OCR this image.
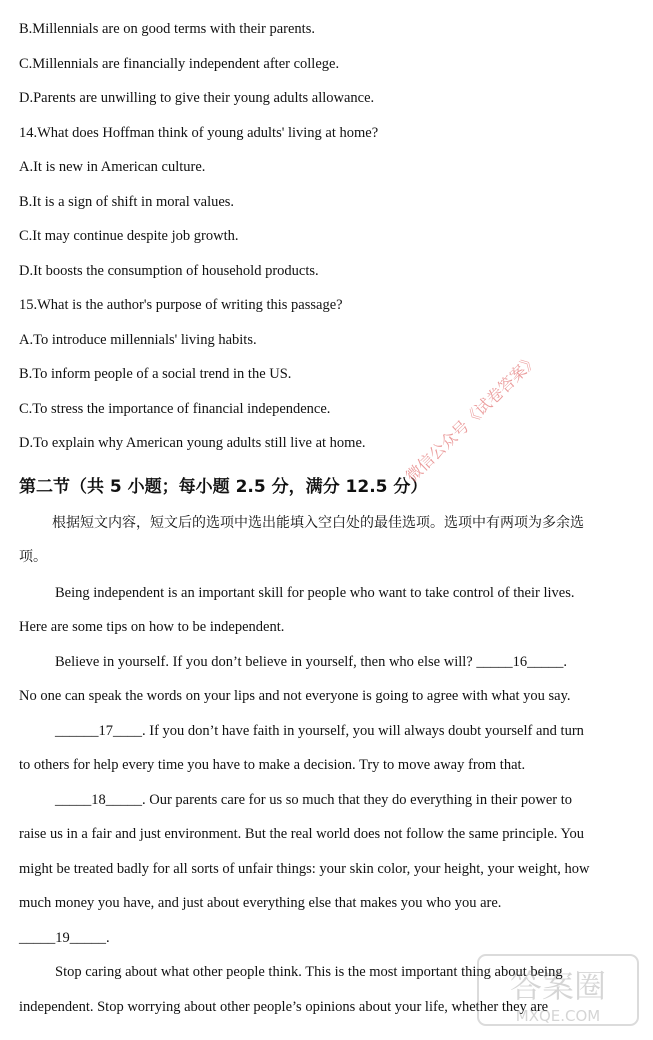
B.Millennials are on good terms with their parents.
C.Millennials are financially independent after college.
D.Parents are unwilling to give their young adults allowance.
14.What does Hoffman think of young adults' living at home?
A.It is new in American culture.
B.It is a sign of shift in moral values.
C.It may continue despite job growth.
D.It boosts the consumption of household products.
15.What is the author's purpose of writing this passage?
A.To introduce millennials' living habits.
B.To inform people of a social trend in the US.
C.To stress the importance of financial independence.
D.To explain why American young adults still live at home.
第二节（共 5 小题；每小题 2.5 分，满分 12.5 分）
根据短文内容，短文后的选项中选出能填入空白处的最佳选项。选项中有两项为多余选
项。
Being independent is an important skill for people who want to take control of their lives.
Here are some tips on how to be independent.
Believe in yourself. If you don’t believe in yourself, then who else will? _____16_____.
No one can speak the words on your lips and not everyone is going to agree with what you say.
______17____. If you don’t have faith in yourself, you will always doubt yourself and turn
to others for help every time you have to make a decision. Try to move away from that.
_____18_____. Our parents care for us so much that they do everything in their power to
raise us in a fair and just environment. But the real world does not follow the same principle. You
might be treated badly for all sorts of unfair things: your skin color, your height, your weight, how
much money you have, and just about everything else that makes you who you are.
_____19_____.
Stop caring about what other people think. This is the most important thing about being
independent. Stop worrying about other people’s opinions about your life, whether they are
微信公众号《试卷答案》
答案圈
MXQE.COM
